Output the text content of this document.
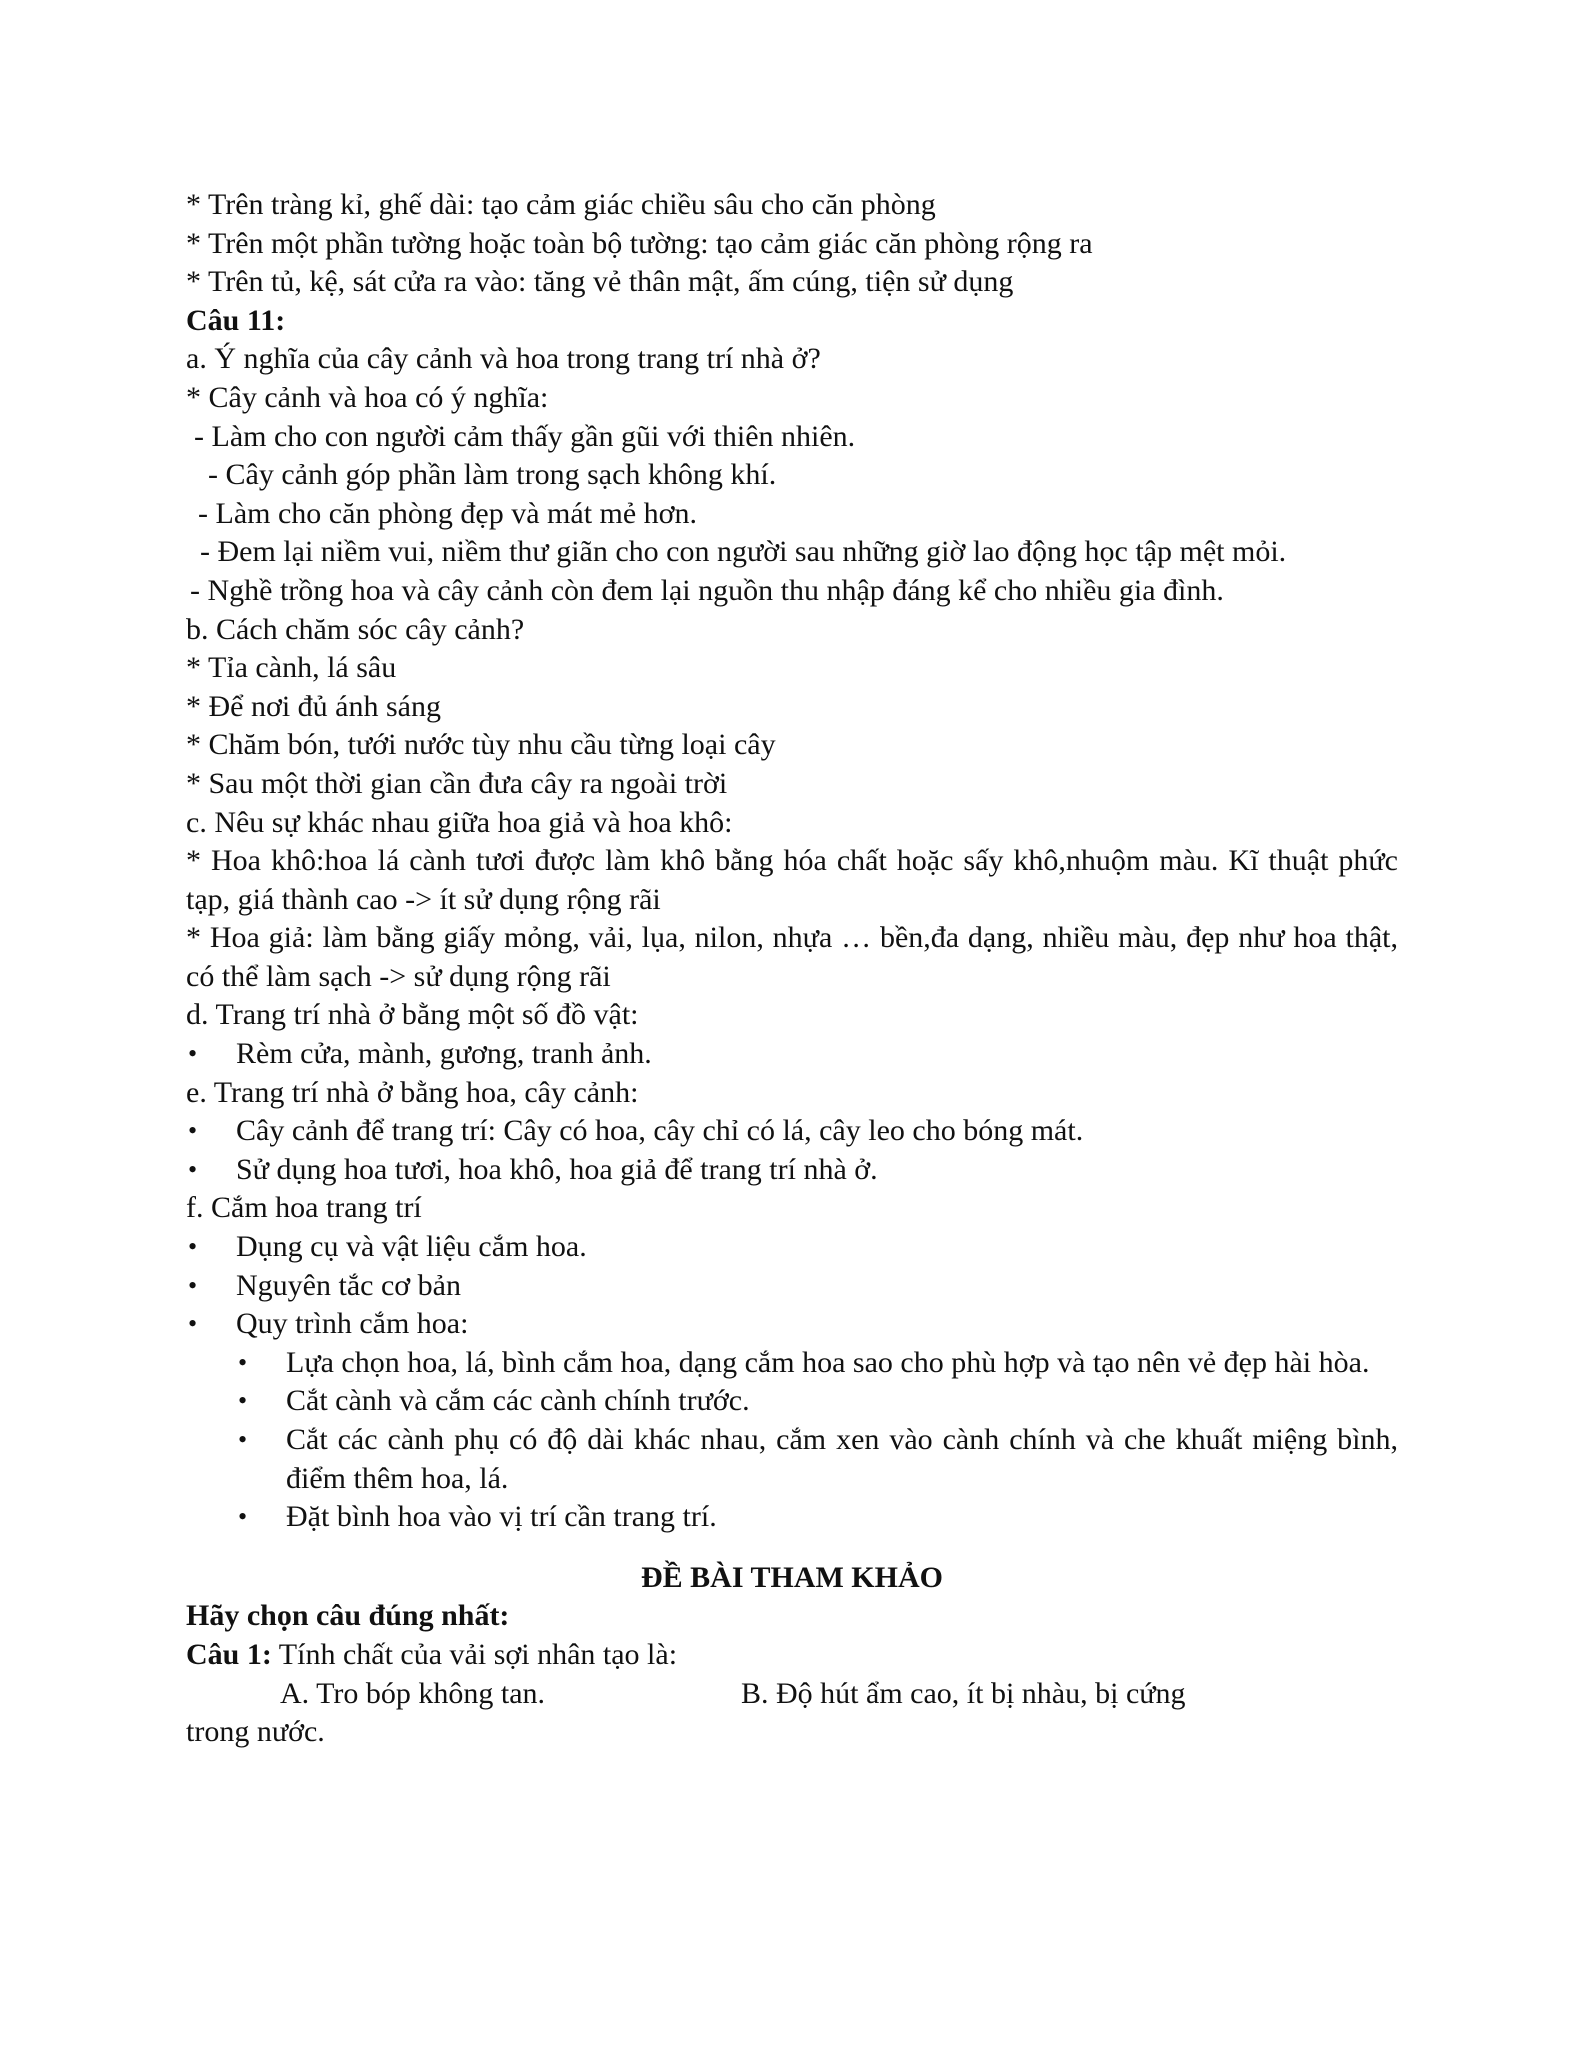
* Trên tràng kỉ, ghế dài: tạo cảm giác chiều sâu cho căn phòng
* Trên một phần tường hoặc toàn bộ tường: tạo cảm giác căn phòng rộng ra
* Trên tủ, kệ, sát cửa ra vào: tăng vẻ thân mật, ấm cúng, tiện sử dụng
Câu 11:
a. Ý nghĩa của cây cảnh và hoa trong trang trí nhà ở?
* Cây cảnh và hoa có ý nghĩa:
- Làm cho con người cảm thấy gần gũi với thiên nhiên.
- Cây cảnh góp phần làm trong sạch không khí.
- Làm cho căn phòng đẹp và mát mẻ hơn.
- Đem lại niềm vui, niềm thư giãn cho con người sau những giờ lao động học tập mệt mỏi.
- Nghề trồng hoa và cây cảnh còn đem lại nguồn thu nhập đáng kể cho nhiều gia đình.
b. Cách chăm sóc cây cảnh?
* Tỉa cành, lá sâu
* Để nơi đủ ánh sáng
* Chăm bón, tưới nước tùy nhu cầu từng loại cây
* Sau một thời gian cần đưa cây ra ngoài trời
c. Nêu sự khác nhau giữa hoa giả và hoa khô:
* Hoa khô:hoa lá cành tươi được làm khô bằng hóa chất hoặc sấy khô,nhuộm màu. Kĩ thuật phức tạp, giá thành cao -> ít sử dụng rộng rãi
* Hoa giả: làm bằng giấy mỏng, vải, lụa, nilon, nhựa … bền,đa dạng, nhiều màu, đẹp như hoa thật, có thể làm sạch -> sử dụng rộng rãi
d. Trang trí nhà ở bằng một số đồ vật:
• Rèm cửa, mành, gương, tranh ảnh.
e. Trang trí nhà ở bằng hoa, cây cảnh:
• Cây cảnh để trang trí: Cây có hoa, cây chỉ có lá, cây leo cho bóng mát.
• Sử dụng hoa tươi, hoa khô, hoa giả để trang trí nhà ở.
f. Cắm hoa trang trí
• Dụng cụ và vật liệu cắm hoa.
• Nguyên tắc cơ bản
• Quy trình cắm hoa:
• Lựa chọn hoa, lá, bình cắm hoa, dạng cắm hoa sao cho phù hợp và tạo nên vẻ đẹp hài hòa.
• Cắt cành và cắm các cành chính trước.
• Cắt các cành phụ có độ dài khác nhau, cắm xen vào cành chính và che khuất miệng bình, điểm thêm hoa, lá.
• Đặt bình hoa vào vị trí cần trang trí.
ĐỀ BÀI THAM KHẢO
Hãy chọn câu đúng nhất:
Câu 1: Tính chất của vải sợi nhân tạo là:
A. Tro bóp không tan.	B. Độ hút ẩm cao, ít bị nhàu, bị cứng
trong nước.
